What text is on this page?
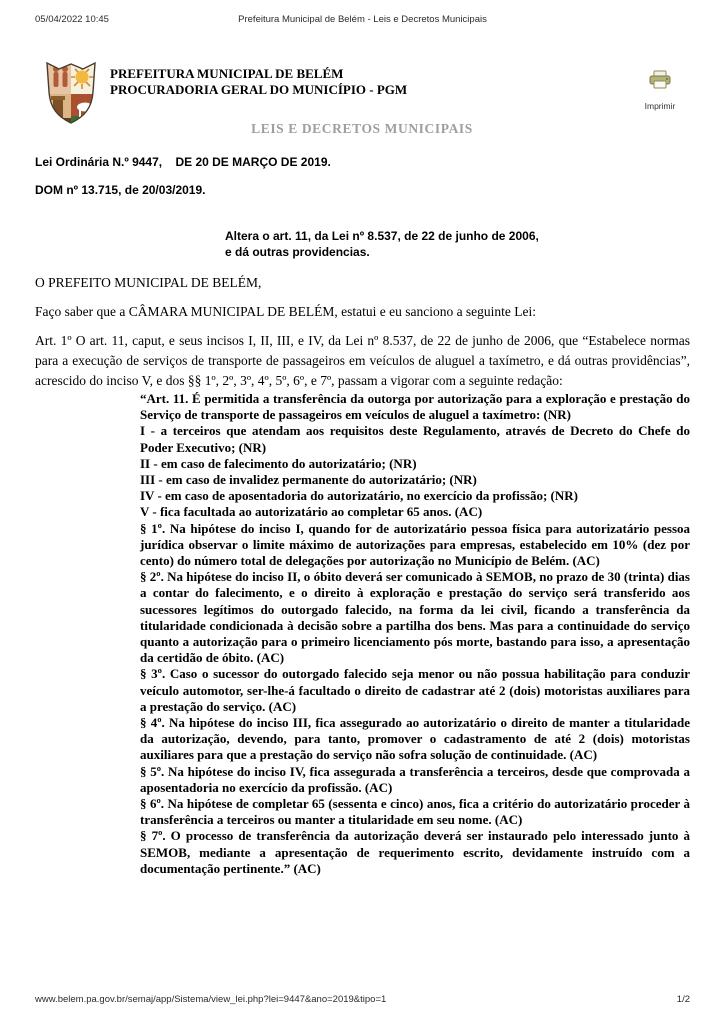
05/04/2022 10:45	Prefeitura Municipal de Belém - Leis e Decretos Municipais
PREFEITURA MUNICIPAL DE BELÉM
PROCURADORIA GERAL DO MUNICÍPIO - PGM
Imprimir
LEIS E DECRETOS MUNICIPAIS
Lei Ordinária N.º 9447,    DE 20 DE MARÇO DE 2019.
DOM nº 13.715, de 20/03/2019.
Altera o art. 11, da Lei nº 8.537, de 22 de junho de 2006, e dá outras providencias.

O PREFEITO MUNICIPAL DE BELÉM,

Faço saber que a CÂMARA MUNICIPAL DE BELÉM, estatui e eu sanciono a seguinte Lei:

Art. 1º O art. 11, caput, e seus incisos I, II, III, e IV, da Lei nº 8.537, de 22 de junho de 2006, que “Estabelece normas para a execução de serviços de transporte de passageiros em veículos de aluguel a taxímetro, e dá outras providências”, acrescido do inciso V, e dos §§ 1º, 2º, 3º, 4º, 5º, 6º, e 7º, passam a vigorar com a seguinte redação:

“Art. 11. É permitida a transferência da outorga por autorização para a exploração e prestação do Serviço de transporte de passageiros em veículos de aluguel a taxímetro: (NR)

I - a terceiros que atendam aos requisitos deste Regulamento, através de Decreto do Chefe do Poder Executivo; (NR)

II - em caso de falecimento do autorizatário; (NR)

III - em caso de invalidez permanente do autorizatário; (NR)

IV - em caso de aposentadoria do autorizatário, no exercício da profissão; (NR)

V - fica facultada ao autorizatário ao completar 65 anos. (AC)

§ 1º. Na hipótese do inciso I, quando for de autorizatário pessoa física para autorizatário pessoa jurídica observar o limite máximo de autorizações para empresas, estabelecido em 10% (dez por cento) do número total de delegações por autorização no Município de Belém. (AC)

§ 2º. Na hipótese do inciso II, o óbito deverá ser comunicado à SEMOB, no prazo de 30 (trinta) dias a contar do falecimento, e o direito à exploração e prestação do serviço será transferido aos sucessores legítimos do outorgado falecido, na forma da lei civil, ficando a transferência da titularidade condicionada à decisão sobre a partilha dos bens. Mas para a continuidade do serviço quanto a autorização para o primeiro licenciamento pós morte, bastando para isso, a apresentação da certidão de óbito. (AC)

§ 3º. Caso o sucessor do outorgado falecido seja menor ou não possua habilitação para conduzir veículo automotor, ser-lhe-á facultado o direito de cadastrar até 2 (dois) motoristas auxiliares para a prestação do serviço. (AC)

§ 4º. Na hipótese do inciso III, fica assegurado ao autorizatário o direito de manter a titularidade da autorização, devendo, para tanto, promover o cadastramento de até 2 (dois) motoristas auxiliares para que a prestação do serviço não sofra solução de continuidade. (AC)

§ 5º. Na hipótese do inciso IV, fica assegurada a transferência a terceiros, desde que comprovada a aposentadoria no exercício da profissão. (AC)

§ 6º. Na hipótese de completar 65 (sessenta e cinco) anos, fica a critério do autorizatário proceder à transferência a terceiros ou manter a titularidade em seu nome. (AC)

§ 7º. O processo de transferência da autorização deverá ser instaurado pelo interessado junto à SEMOB, mediante a apresentação de requerimento escrito, devidamente instruído com a documentação pertinente.” (AC)

www.belem.pa.gov.br/semaj/app/Sistema/view_lei.php?lei=9447&ano=2019&tipo=1	1/2
